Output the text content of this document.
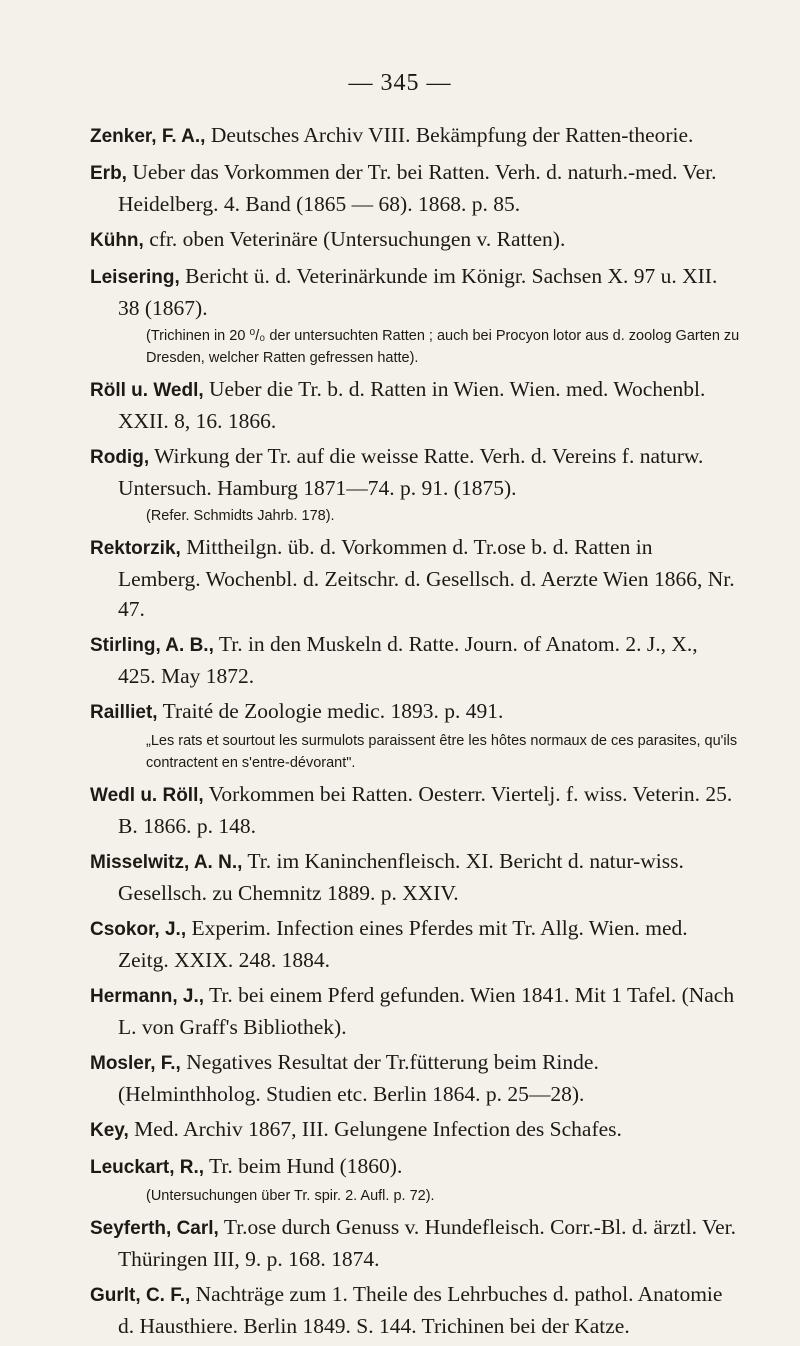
— 345 —
Zenker, F. A., Deutsches Archiv VIII. Bekämpfung der Ratten-theorie.
Erb, Ueber das Vorkommen der Tr. bei Ratten. Verh. d. naturh.-med. Ver. Heidelberg. 4. Band (1865 — 68). 1868. p. 85.
Kühn, cfr. oben Veterinäre (Untersuchungen v. Ratten).
Leisering, Bericht ü. d. Veterinärkunde im Königr. Sachsen X. 97 u. XII. 38 (1867).
(Trichinen in 20 ⁰/₀ der untersuchten Ratten ; auch bei Procyon lotor aus d. zoolog Garten zu Dresden, welcher Ratten gefressen hatte).
Röll u. Wedl, Ueber die Tr. b. d. Ratten in Wien. Wien. med. Wochenbl. XXII. 8, 16. 1866.
Rodig, Wirkung der Tr. auf die weisse Ratte. Verh. d. Vereins f. naturw. Untersuch. Hamburg 1871—74. p. 91. (1875).
(Refer. Schmidts Jahrb. 178).
Rektorzik, Mittheilgn. üb. d. Vorkommen d. Tr.ose b. d. Ratten in Lemberg. Wochenbl. d. Zeitschr. d. Gesellsch. d. Aerzte Wien 1866, Nr. 47.
Stirling, A. B., Tr. in den Muskeln d. Ratte. Journ. of Anatom. 2. J., X., 425. May 1872.
Railliet, Traité de Zoologie medic. 1893. p. 491.
„Les rats et sourtout les surmulots paraissent être les hôtes normaux de ces parasites, qu'ils contractent en s'entre-dévorant".
Wedl u. Röll, Vorkommen bei Ratten. Oesterr. Viertelj. f. wiss. Veterin. 25. B. 1866. p. 148.
Misselwitz, A. N., Tr. im Kaninchenfleisch. XI. Bericht d. natur-wiss. Gesellsch. zu Chemnitz 1889. p. XXIV.
Csokor, J., Experim. Infection eines Pferdes mit Tr. Allg. Wien. med. Zeitg. XXIX. 248. 1884.
Hermann, J., Tr. bei einem Pferd gefunden. Wien 1841. Mit 1 Tafel. (Nach L. von Graff's Bibliothek).
Mosler, F., Negatives Resultat der Tr.fütterung beim Rinde. (Helminthholog. Studien etc. Berlin 1864. p. 25—28).
Key, Med. Archiv 1867, III. Gelungene Infection des Schafes.
Leuckart, R., Tr. beim Hund (1860).
(Untersuchungen über Tr. spir. 2. Aufl. p. 72).
Seyferth, Carl, Tr.ose durch Genuss v. Hundefleisch. Corr.-Bl. d. ärztl. Ver. Thüringen III, 9. p. 168. 1874.
Gurlt, C. F., Nachträge zum 1. Theile des Lehrbuches d. pathol. Anatomie d. Hausthiere. Berlin 1849. S. 144. Trichinen bei der Katze.
